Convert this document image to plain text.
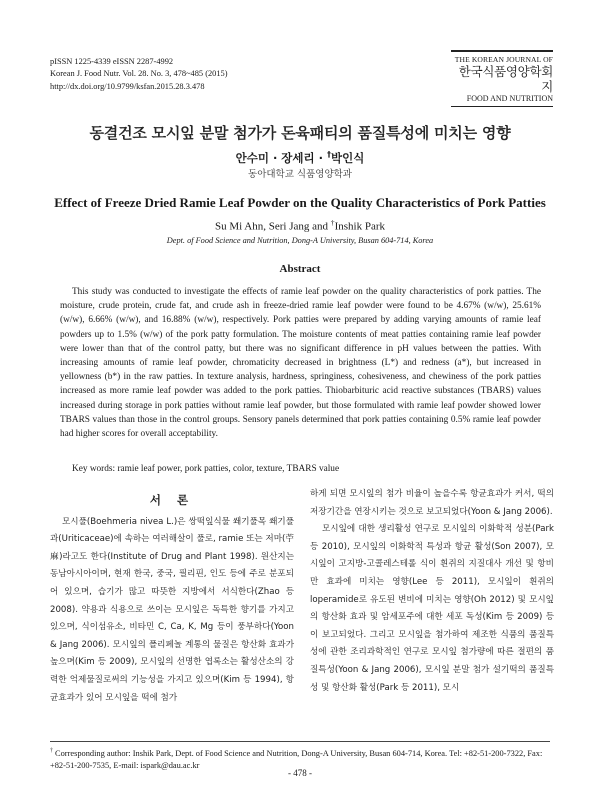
pISSN 1225-4339 eISSN 2287-4992
Korean J. Food Nutr. Vol. 28. No. 3, 478~485 (2015)
http://dx.doi.org/10.9799/ksfan.2015.28.3.478
THE KOREAN JOURNAL OF
한국식품영양학회지
FOOD AND NUTRITION
동결건조 모시잎 분말 첨가가 돈육패티의 품질특성에 미치는 영향
안수미 · 장세리 · †박인식
동아대학교 식품영양학과
Effect of Freeze Dried Ramie Leaf Powder on the Quality Characteristics of Pork Patties
Su Mi Ahn, Seri Jang and †Inshik Park
Dept. of Food Science and Nutrition, Dong-A University, Busan 604-714, Korea
Abstract
This study was conducted to investigate the effects of ramie leaf powder on the quality characteristics of pork patties. The moisture, crude protein, crude fat, and crude ash in freeze-dried ramie leaf powder were found to be 4.67% (w/w), 25.61% (w/w), 6.66% (w/w), and 16.88% (w/w), respectively. Pork patties were prepared by adding varying amounts of ramie leaf powders up to 1.5% (w/w) of the pork patty formulation. The moisture contents of meat patties containing ramie leaf powder were lower than that of the control patty, but there was no significant difference in pH values between the patties. With increasing amounts of ramie leaf powder, chromaticity decreased in brightness (L*) and redness (a*), but increased in yellowness (b*) in the raw patties. In texture analysis, hardness, springiness, cohesiveness, and chewiness of the pork patties increased as more ramie leaf powder was added to the pork patties. Thiobarbituric acid reactive substances (TBARS) values increased during storage in pork patties without ramie leaf powder, but those formulated with ramie leaf powder showed lower TBARS values than those in the control groups. Sensory panels determined that pork patties containing 0.5% ramie leaf powder had higher scores for overall acceptability.
Key words: ramie leaf power, pork patties, color, texture, TBARS value
서 론

모시풀(Boehmeria nivea L.)은 쌍떡잎식물 쐐기풀목 쐐기풀과(Uriticaceae)에 속하는 여러해살이 풀로, ramie 또는 저마(苧麻)라고도 한다(Institute of Drug and Plant 1998). 원산지는 동남아시아이며, 현재 한국, 중국, 필리핀, 인도 등에 주로 분포되어 있으며, 습기가 많고 따뜻한 지방에서 서식한다(Zhao 등 2008). 약용과 식용으로 쓰이는 모시잎은 독특한 향기를 가지고 있으며, 식이섬유소, 비타민 C, Ca, K, Mg 등이 풍부하다(Yoon & Jang 2006). 모시잎의 폴리페놀 계통의 물질은 항산화 효과가 높으며(Kim 등 2009), 모시잎의 선명한 엽록소는 활성산소의 강력한 억제물질로써의 기능성을 가지고 있으며(Kim 등 1994), 항균효과가 있어 모시잎을 떡에 첨가

하게 되면 모시잎의 첨가 비율이 높을수록 항균효과가 커서, 떡의 저장기간을 연장시키는 것으로 보고되었다(Yoon & Jang 2006).

모시잎에 대한 생리활성 연구로 모시잎의 이화학적 성분(Park 등 2010), 모시잎의 이화학적 특성과 항균 활성(Son 2007), 모시잎이 고지방-고콜레스테롤 식이 흰쥐의 지질대사 개선 및 항비만 효과에 미치는 영향(Lee 등 2011), 모시잎이 흰쥐의 loperamide로 유도된 변비에 미치는 영향(Oh 2012) 및 모시잎의 항산화 효과 및 암세포주에 대한 세포 독성(Kim 등 2009) 등이 보고되었다. 그리고 모시잎을 첨가하여 제조한 식품의 품질특성에 관한 조리과학적인 연구로 모시잎 첨가량에 따른 절편의 품질특성(Yoon & Jang 2006), 모시잎 분말 첨가 설기떡의 품질특성 및 항산화 활성(Park 등 2011), 모시

† Corresponding author: Inshik Park, Dept. of Food Science and Nutrition, Dong-A University, Busan 604-714, Korea. Tel: +82-51-200-7322, Fax: +82-51-200-7535, E-mail: ispark@dau.ac.kr
- 478 -
